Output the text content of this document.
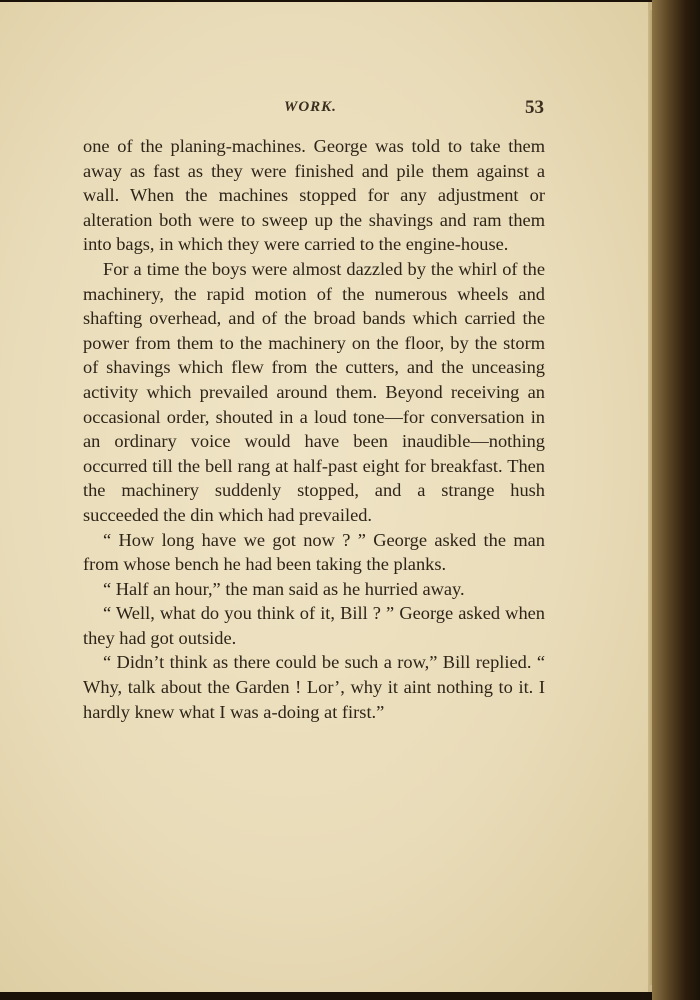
WORK.	53

one of the planing-machines. George was told to take them away as fast as they were finished and pile them against a wall. When the machines stopped for any adjustment or alteration both were to sweep up the shavings and ram them into bags, in which they were carried to the engine-house.

For a time the boys were almost dazzled by the whirl of the machinery, the rapid motion of the numerous wheels and shafting overhead, and of the broad bands which carried the power from them to the machinery on the floor, by the storm of shavings which flew from the cutters, and the unceasing activity which prevailed around them. Beyond receiving an occasional order, shouted in a loud tone—for conversation in an ordinary voice would have been inaudible—nothing occurred till the bell rang at half-past eight for breakfast. Then the machinery suddenly stopped, and a strange hush succeeded the din which had prevailed.

“ How long have we got now ? ” George asked the man from whose bench he had been taking the planks.

“ Half an hour,” the man said as he hurried away.

“ Well, what do you think of it, Bill ? ” George asked when they had got outside.

“ Didn’t think as there could be such a row,” Bill replied. “ Why, talk about the Garden ! Lor’, why it aint nothing to it. I hardly knew what I was a-doing at first.”
